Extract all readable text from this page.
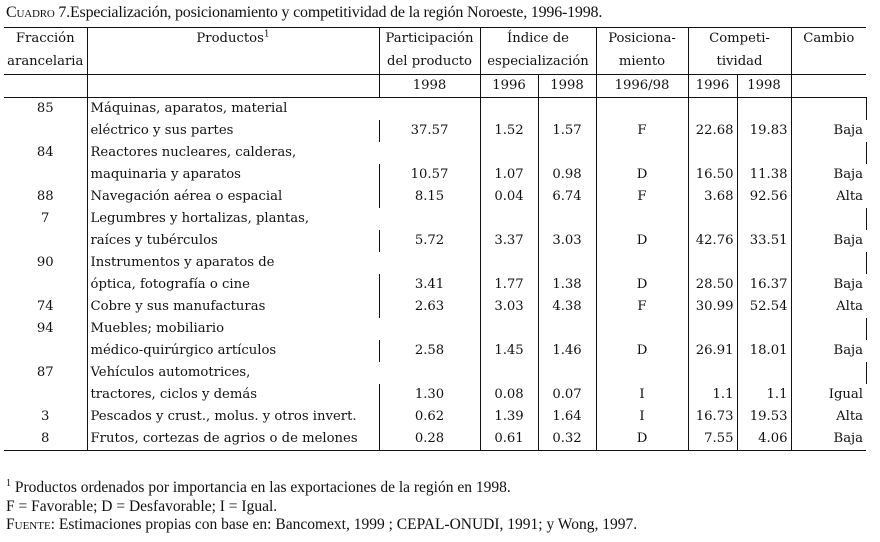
Cuadro 7.Especialización, posicionamiento y competitividad de la región Noroeste, 1996-1998.
Fracción	Productos$^1$	Participación	Índice de		Posiciona-	Competi-		Cambio	
arancelaria		del producto	especialización		miento	tividad			
		1998	1996	1998	1996/98	1996	1998		
85	Máquinas, aparatos, material								
	eléctrico y sus partes	37.57	1.52	1.57	F	22.68	19.83	Baja	
84	Reactores nucleares, calderas,								
	maquinaria y aparatos	10.57	1.07	0.98	D	16.50	11.38	Baja	
88	Navegación aérea o espacial	8.15	0.04	6.74	F	3.68	92.56	Alta	
7	Legumbres y hortalizas, plantas,								
	raíces y tubérculos	5.72	3.37	3.03	D	42.76	33.51	Baja	
90	Instrumentos y aparatos de								
	óptica, fotografía o cine	3.41	1.77	1.38	D	28.50	16.37	Baja	
74	Cobre y sus manufacturas	2.63	3.03	4.38	F	30.99	52.54	Alta	
94	Muebles; mobiliario								
	médico-quirúrgico artículos	2.58	1.45	1.46	D	26.91	18.01	Baja	
87	Vehículos automotrices,								
	tractores, ciclos y demás	1.30	0.08	0.07	I	1.1	1.1	Igual	
3	Pescados y crust., molus. y otros invert.	0.62	1.39	1.64	I	16.73	19.53	Alta	
8	Frutos, cortezas de agrios o de melones	0.28	0.61	0.32	D	7.55	4.06	Baja	
$^1$ Productos ordenados por importancia en las exportaciones de la región en 1998.
F = Favorable; D = Desfavorable; I = Igual.
Fuente: Estimaciones propias con base en: Bancomext, 1999 ; CEPAL-ONUDI, 1991; y Wong, 1997.
